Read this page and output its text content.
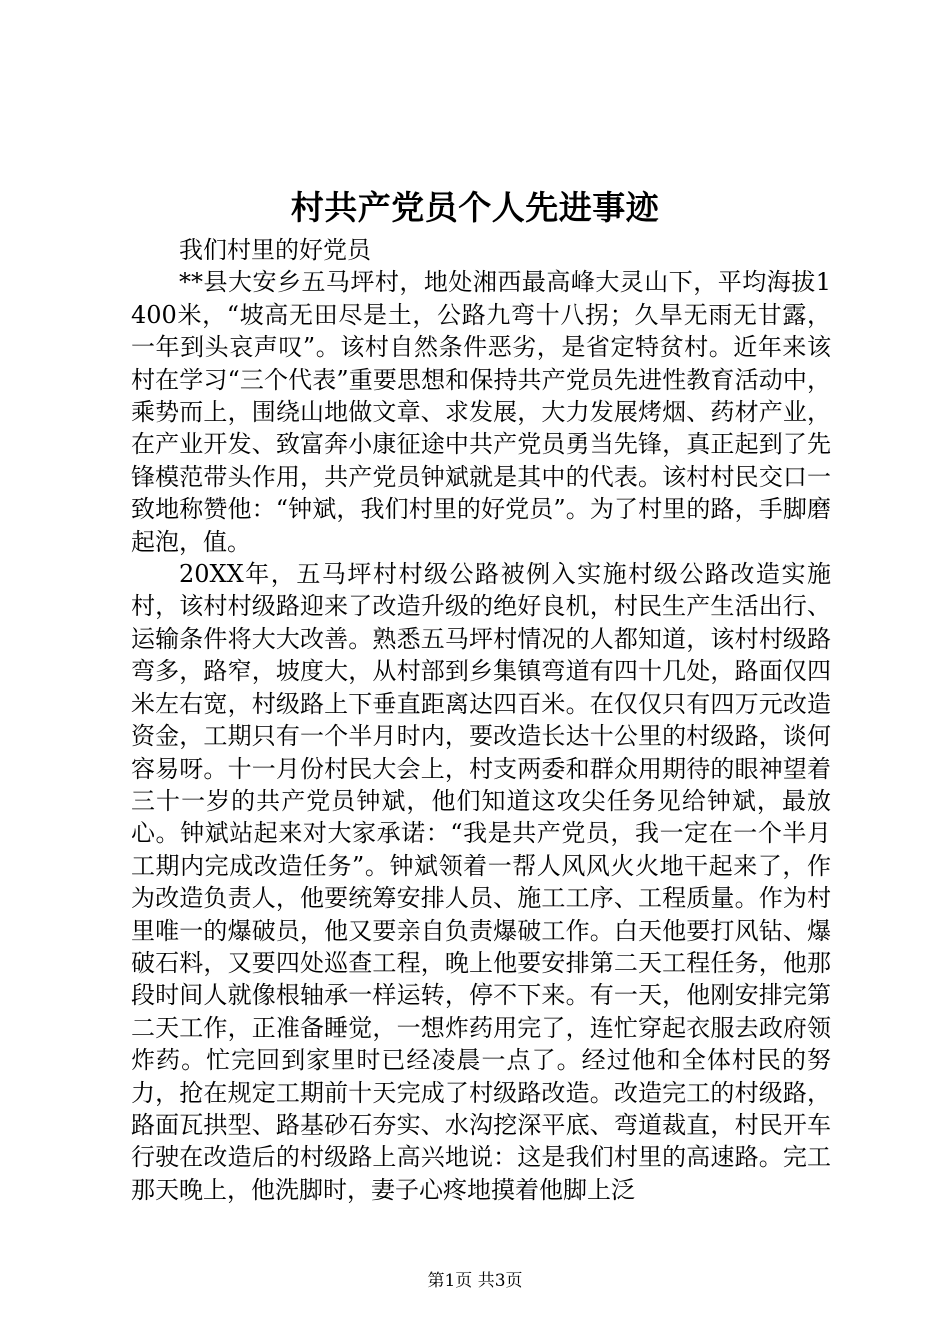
村共产党员个人先进事迹

我们村里的好党员

**县大安乡五马坪村，地处湘西最高峰大灵山下，平均海拔1400米，“坡高无田尽是土，公路九弯十八拐；久旱无雨无甘露，一年到头哀声叹”。该村自然条件恶劣，是省定特贫村。近年来该村在学习“三个代表”重要思想和保持共产党员先进性教育活动中，乘势而上，围绕山地做文章、求发展，大力发展烤烟、药材产业，在产业开发、致富奔小康征途中共产党员勇当先锋，真正起到了先锋模范带头作用，共产党员钟斌就是其中的代表。该村村民交口一致地称赞他：“钟斌，我们村里的好党员”。为了村里的路，手脚磨起泡，值。

20XX年，五马坪村村级公路被例入实施村级公路改造实施村，该村村级路迎来了改造升级的绝好良机，村民生产生活出行、运输条件将大大改善。熟悉五马坪村情况的人都知道，该村村级路弯多，路窄，坡度大，从村部到乡集镇弯道有四十几处，路面仅四米左右宽，村级路上下垂直距离达四百米。在仅仅只有四万元改造资金，工期只有一个半月时内，要改造长达十公里的村级路，谈何容易呀。十一月份村民大会上，村支两委和群众用期待的眼神望着三十一岁的共产党员钟斌，他们知道这攻尖任务见给钟斌，最放心。钟斌站起来对大家承诺：“我是共产党员，我一定在一个半月工期内完成改造任务”。钟斌领着一帮人风风火火地干起来了，作为改造负责人，他要统筹安排人员、施工工序、工程质量。作为村里唯一的爆破员，他又要亲自负责爆破工作。白天他要打风钻、爆破石料，又要四处巡查工程，晚上他要安排第二天工程任务，他那段时间人就像根轴承一样运转，停不下来。有一天，他刚安排完第二天工作，正准备睡觉，一想炸药用完了，连忙穿起衣服去政府领炸药。忙完回到家里时已经凌晨一点了。经过他和全体村民的努力，抢在规定工期前十天完成了村级路改造。改造完工的村级路，路面瓦拱型、路基砂石夯实、水沟挖深平底、弯道裁直，村民开车行驶在改造后的村级路上高兴地说：这是我们村里的高速路。完工那天晚上，他洗脚时，妻子心疼地摸着他脚上泛

第1页 共3页
